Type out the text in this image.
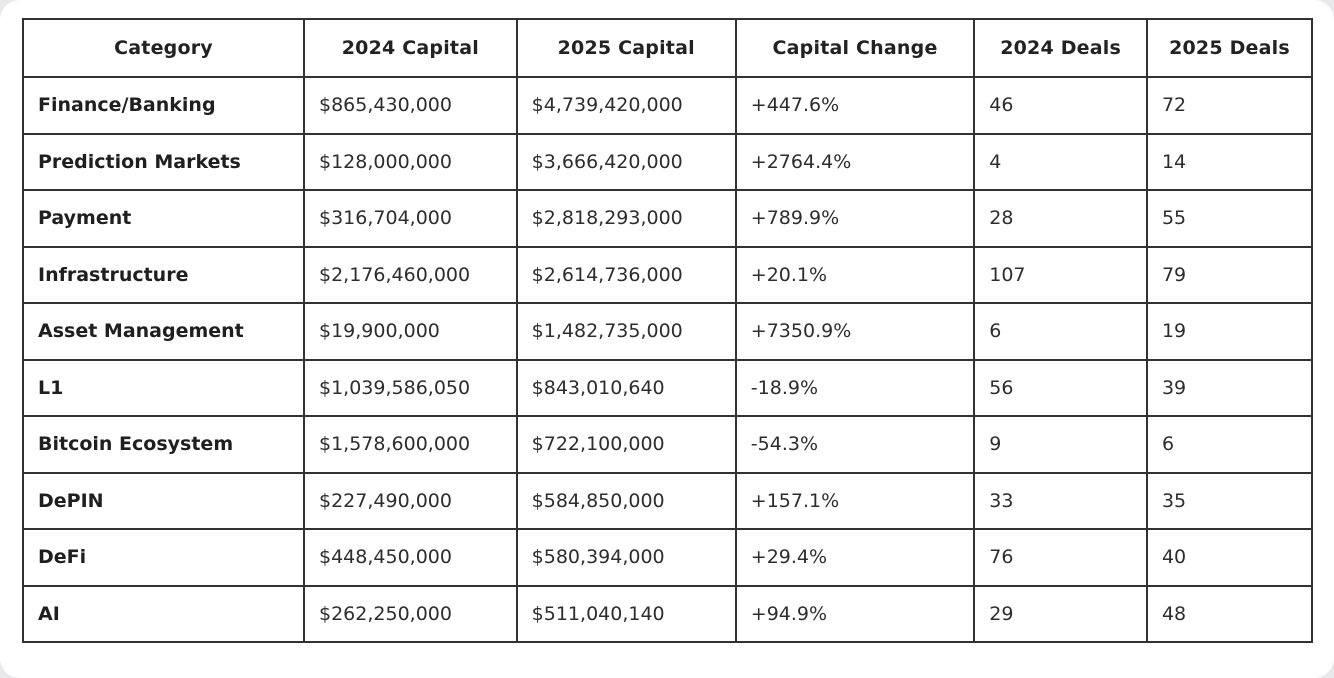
Category	2024 Capital	2025 Capital	Capital Change	2024 Deals	2025 Deals
Finance/Banking	$865,430,000	$4,739,420,000	+447.6%	46	72
Prediction Markets	$128,000,000	$3,666,420,000	+2764.4%	4	14
Payment	$316,704,000	$2,818,293,000	+789.9%	28	55
Infrastructure	$2,176,460,000	$2,614,736,000	+20.1%	107	79
Asset Management	$19,900,000	$1,482,735,000	+7350.9%	6	19
L1	$1,039,586,050	$843,010,640	-18.9%	56	39
Bitcoin Ecosystem	$1,578,600,000	$722,100,000	-54.3%	9	6
DePIN	$227,490,000	$584,850,000	+157.1%	33	35
DeFi	$448,450,000	$580,394,000	+29.4%	76	40
AI	$262,250,000	$511,040,140	+94.9%	29	48
